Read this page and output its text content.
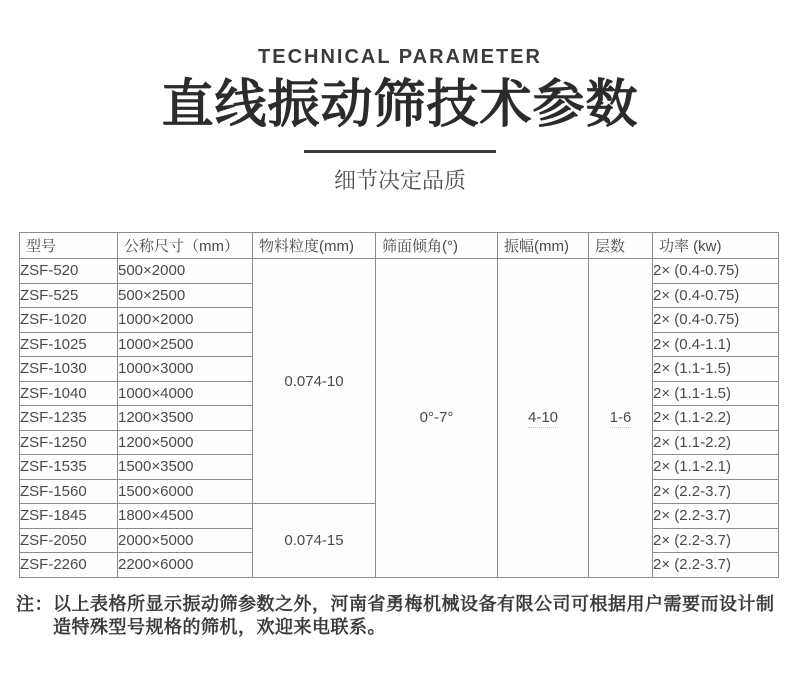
TECHNICAL PARAMETER
直线振动筛技术参数
细节决定品质
型号	公称尺寸（mm）	物料粒度(mm)	筛面倾角(°)	振幅(mm)	层数	功率 (kw)
ZSF-520	500×2000	0.074-10	0°-7°	4-10	1-6	2× (0.4-0.75)
ZSF-525	500×2500					2× (0.4-0.75)
ZSF-1020	1000×2000					2× (0.4-0.75)
ZSF-1025	1000×2500					2× (0.4-1.1)
ZSF-1030	1000×3000					2× (1.1-1.5)
ZSF-1040	1000×4000					2× (1.1-1.5)
ZSF-1235	1200×3500					2× (1.1-2.2)
ZSF-1250	1200×5000					2× (1.1-2.2)
ZSF-1535	1500×3500					2× (1.1-2.1)
ZSF-1560	1500×6000					2× (2.2-3.7)
ZSF-1845	1800×4500	0.074-15				2× (2.2-3.7)
ZSF-2050	2000×5000					2× (2.2-3.7)
ZSF-2260	2200×6000					2× (2.2-3.7)
注：以上表格所显示振动筛参数之外，河南省勇梅机械设备有限公司可根据用户需要而设计制造特殊型号规格的筛机，欢迎来电联系。
